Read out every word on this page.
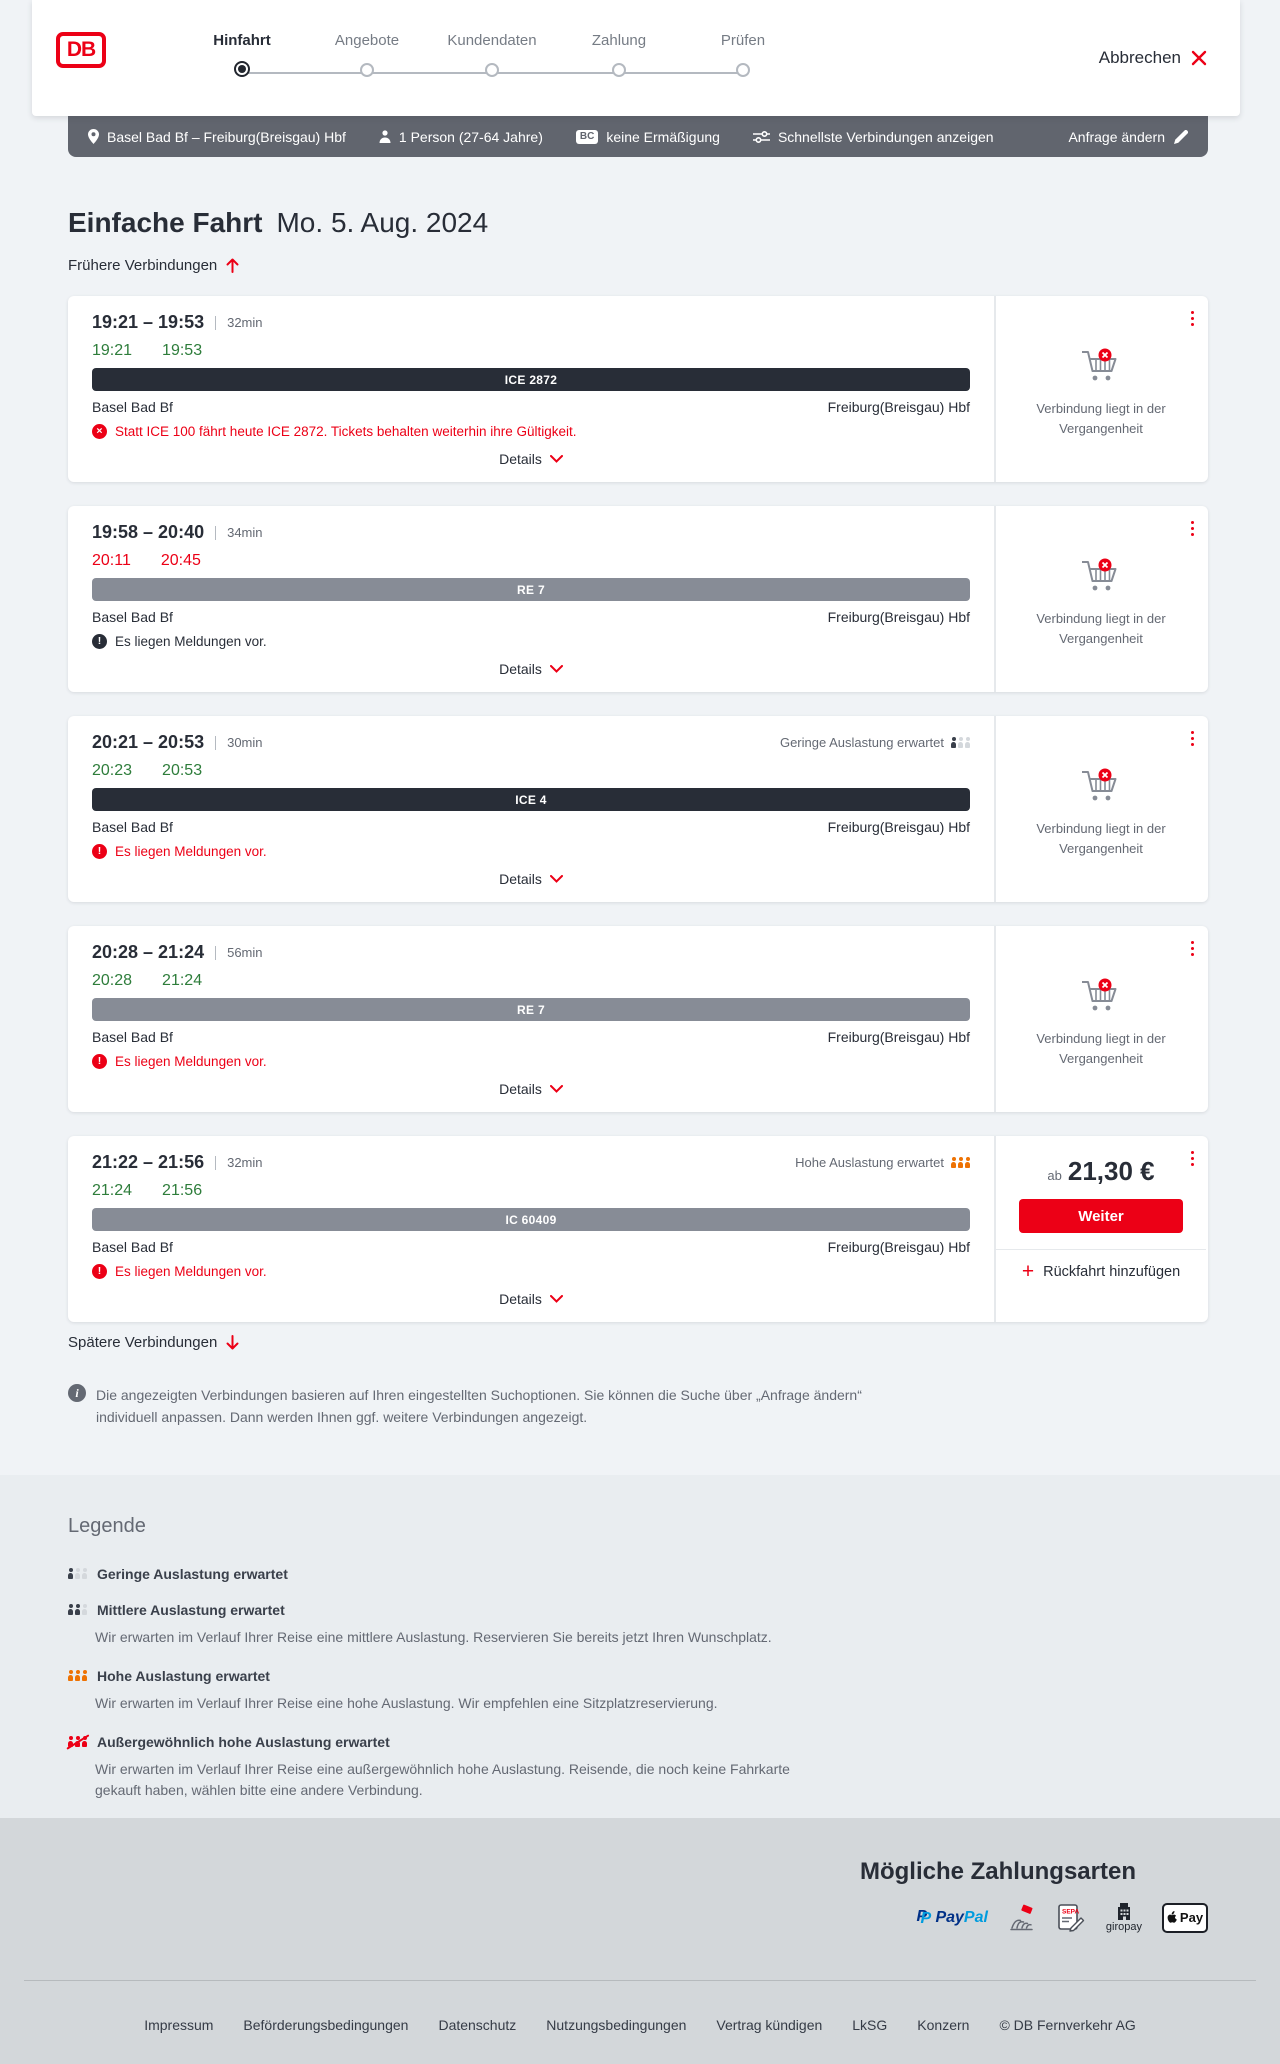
DB	Hinfahrt	Angebote	Kundendaten	Zahlung	Prüfen
Abbrechen
Basel Bad Bf – Freiburg(Breisgau) Hbf	1 Person (27-64 Jahre)	BC keine Ermäßigung	Schnellste Verbindungen anzeigen	Anfrage ändern
Einfache Fahrt Mo. 5. Aug. 2024
Frühere Verbindungen
19:21 – 19:53 32min
19:21 19:53
ICE 2872
Basel Bad Bf	Freiburg(Breisgau) Hbf
× Statt ICE 100 fährt heute ICE 2872. Tickets behalten weiterhin ihre Gültigkeit.
Details
Verbindung liegt in der Vergangenheit
19:58 – 20:40 34min
20:11 20:45
RE 7
Basel Bad Bf	Freiburg(Breisgau) Hbf
!	Es liegen Meldungen vor.
Details
Verbindung liegt in der Vergangenheit
20:21 – 20:53 30min	Geringe Auslastung erwartet
20:23 20:53
ICE 4
Basel Bad Bf	Freiburg(Breisgau) Hbf
!	Es liegen Meldungen vor.
Details
Verbindung liegt in der Vergangenheit
20:28 – 21:24 56min
20:28 21:24
RE 7
Basel Bad Bf	Freiburg(Breisgau) Hbf
!	Es liegen Meldungen vor.
Details
Verbindung liegt in der Vergangenheit
21:22 – 21:56 32min	Hohe Auslastung erwartet
21:24 21:56
IC 60409
Basel Bad Bf	Freiburg(Breisgau) Hbf
!	Es liegen Meldungen vor.
Details
ab 21,30 €
Weiter
+ Rückfahrt hinzufügen
Spätere Verbindungen
i

Die angezeigten Verbindungen basieren auf Ihren eingestellten Suchoptionen. Sie können die Suche über „Anfrage ändern“ individuell anpassen. Dann werden Ihnen ggf. weitere Verbindungen angezeigt.

Legende
Geringe Auslastung erwartet
Mittlere Auslastung erwartet

Wir erwarten im Verlauf Ihrer Reise eine mittlere Auslastung. Reservieren Sie bereits jetzt Ihren Wunschplatz.

Hohe Auslastung erwartet

Wir erwarten im Verlauf Ihrer Reise eine hohe Auslastung. Wir empfehlen eine Sitzplatzreservierung.

Außergewöhnlich hohe Auslastung erwartet

Wir erwarten im Verlauf Ihrer Reise eine außergewöhnlich hohe Auslastung. Reisende, die noch keine Fahrkarte gekauft haben, wählen bitte eine andere Verbindung.

Mögliche Zahlungsarten
P
P
PayPal	SEPA
giropay
Pay
Impressum Beförderungsbedingungen Datenschutz Nutzungsbedingungen Vertrag kündigen LkSG Konzern © DB Fernverkehr AG
